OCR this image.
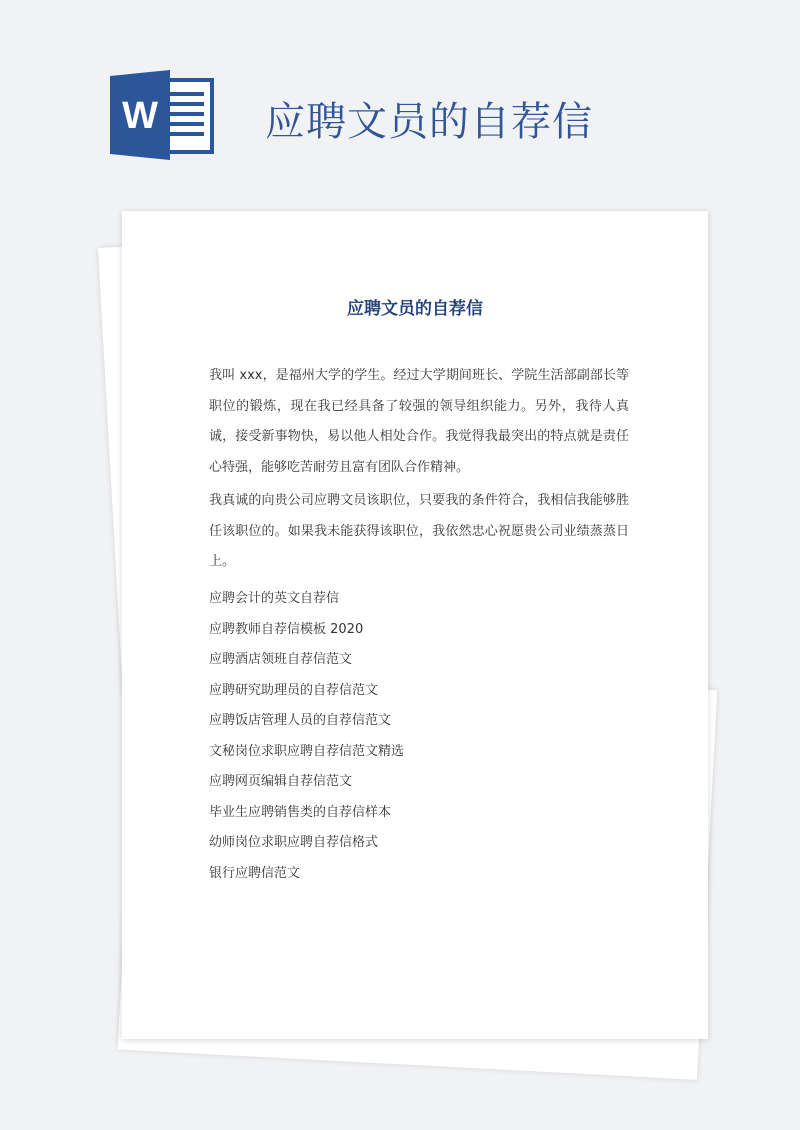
W	应聘文员的自荐信
应聘文员的自荐信

我叫 xxx，是福州大学的学生。经过大学期间班长、学院生活部副部长等职位的锻炼，现在我已经具备了较强的领导组织能力。另外，我待人真诚，接受新事物快，易以他人相处合作。我觉得我最突出的特点就是责任心特强，能够吃苦耐劳且富有团队合作精神。

我真诚的向贵公司应聘文员该职位，只要我的条件符合，我相信我能够胜任该职位的。如果我未能获得该职位，我依然忠心祝愿贵公司业绩蒸蒸日上。

应聘会计的英文自荐信
应聘教师自荐信模板 2020
应聘酒店领班自荐信范文
应聘研究助理员的自荐信范文
应聘饭店管理人员的自荐信范文
文秘岗位求职应聘自荐信范文精选
应聘网页编辑自荐信范文
毕业生应聘销售类的自荐信样本
幼师岗位求职应聘自荐信格式
银行应聘信范文
